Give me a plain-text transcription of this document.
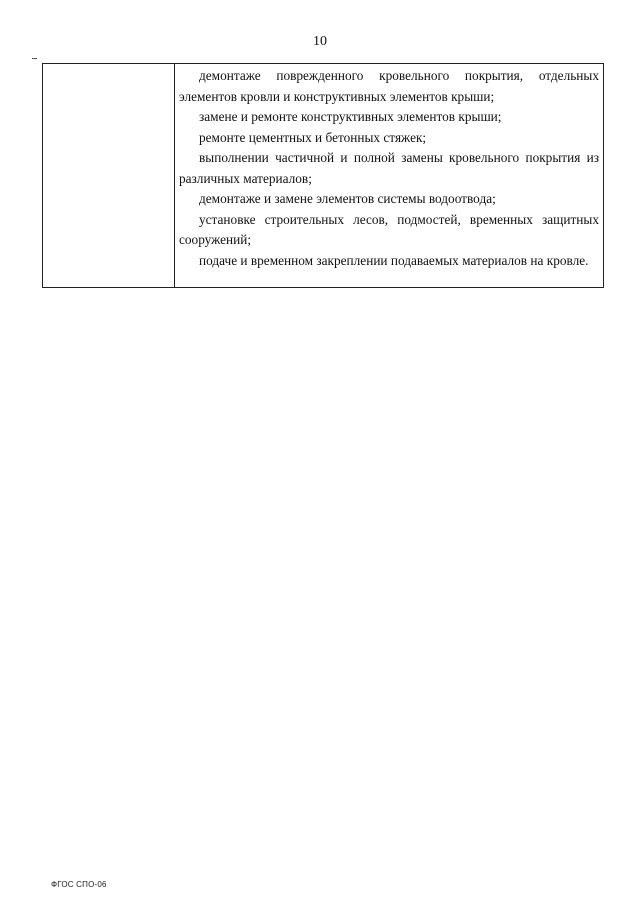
10

демонтаже поврежденного кровельного покрытия, отдельных элементов кровли и конструктивных элементов крыши;

замене и ремонте конструктивных элементов крыши;

ремонте цементных и бетонных стяжек;

выполнении частичной и полной замены кровельного покрытия из различных материалов;

демонтаже и замене элементов системы водоотвода;

установке строительных лесов, подмостей, временных защитных сооружений;

подаче и временном закреплении подаваемых материалов на кровле.

ФГОС СПО-06
